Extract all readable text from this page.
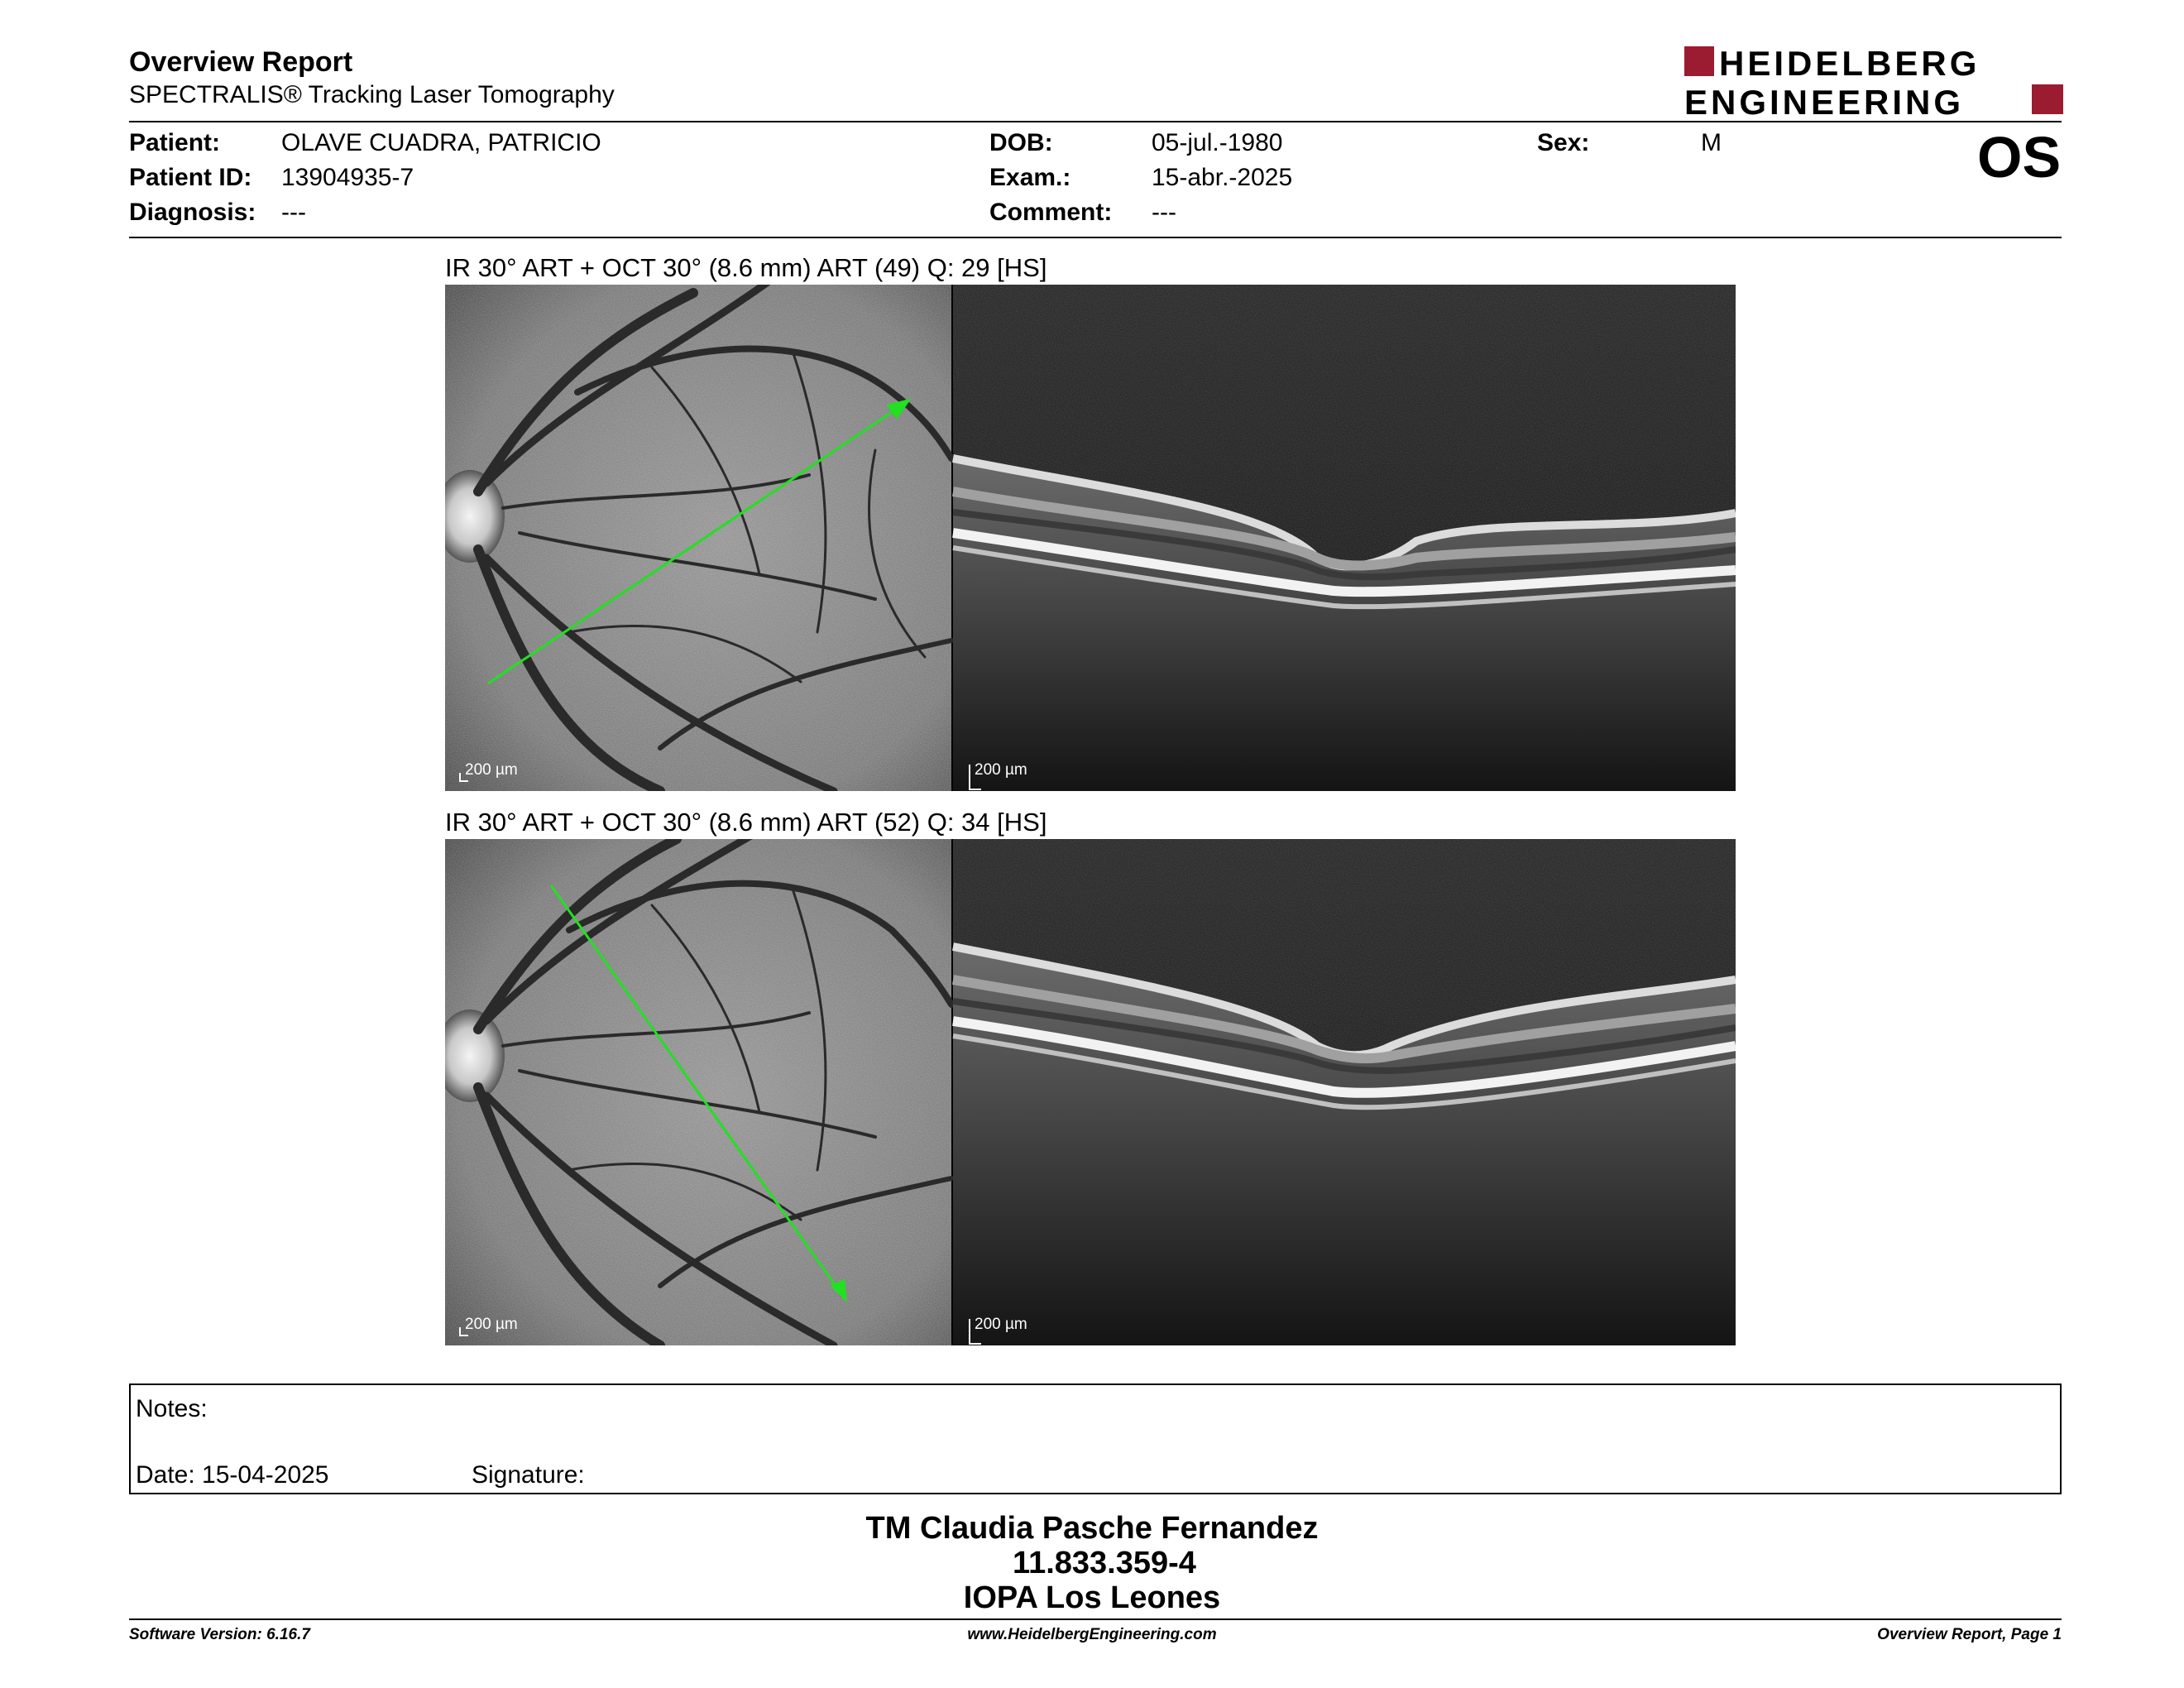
Overview Report
SPECTRALIS® Tracking Laser Tomography
HEIDELBERG
ENGINEERING
Patient: OLAVE CUADRA, PATRICIO
Patient ID: 13904935-7
Diagnosis: ---
DOB:	05-jul.-1980
Exam.:	15-abr.-2025
Comment: ---
Sex:	M	OS
IR 30° ART + OCT 30° (8.6 mm) ART (49) Q: 29 [HS]
200 µm	200 µm
IR 30° ART + OCT 30° (8.6 mm) ART (52) Q: 34 [HS]
200 µm	200 µm
Notes:
Date: 15-04-2025	Signature:
TM Claudia Pasche Fernandez
11.833.359-4
IOPA Los Leones
Software Version: 6.16.7	www.HeidelbergEngineering.com	Overview Report, Page 1
